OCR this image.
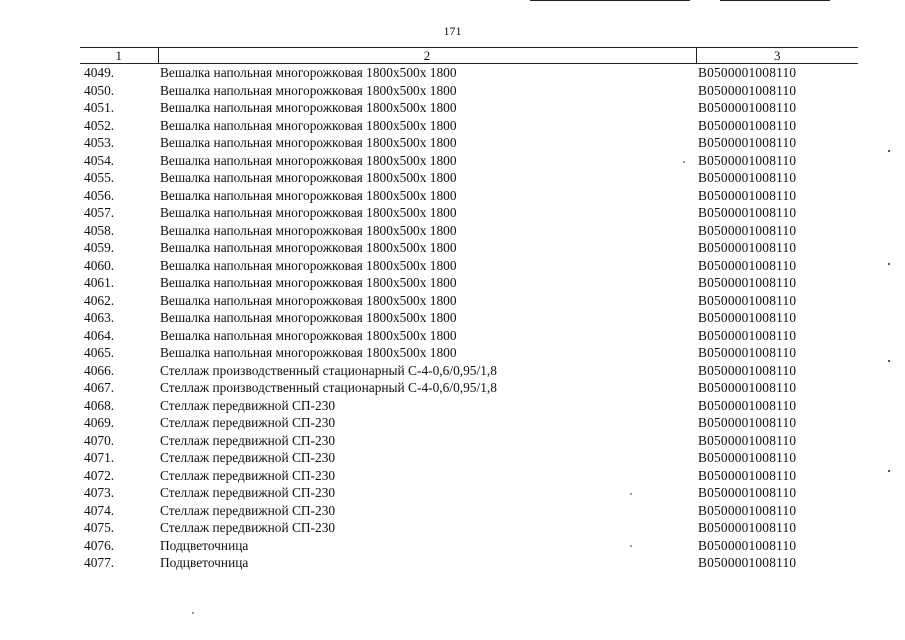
171
1	2	3
4049.	Вешалка напольная многорожковая 1800х500х 1800	B0500001008110
4050.	Вешалка напольная многорожковая 1800х500х 1800	B0500001008110
4051.	Вешалка напольная многорожковая 1800х500х 1800	B0500001008110
4052.	Вешалка напольная многорожковая 1800х500х 1800	B0500001008110
4053.	Вешалка напольная многорожковая 1800х500х 1800	B0500001008110
4054.	Вешалка напольная многорожковая 1800х500х 1800	B0500001008110
4055.	Вешалка напольная многорожковая 1800х500х 1800	B0500001008110
4056.	Вешалка напольная многорожковая 1800х500х 1800	B0500001008110
4057.	Вешалка напольная многорожковая 1800х500х 1800	B0500001008110
4058.	Вешалка напольная многорожковая 1800х500х 1800	B0500001008110
4059.	Вешалка напольная многорожковая 1800х500х 1800	B0500001008110
4060.	Вешалка напольная многорожковая 1800х500х 1800	B0500001008110
4061.	Вешалка напольная многорожковая 1800х500х 1800	B0500001008110
4062.	Вешалка напольная многорожковая 1800х500х 1800	B0500001008110
4063.	Вешалка напольная многорожковая 1800х500х 1800	B0500001008110
4064.	Вешалка напольная многорожковая 1800х500х 1800	B0500001008110
4065.	Вешалка напольная многорожковая 1800х500х 1800	B0500001008110
4066.	Стеллаж производственный стационарный С-4-0,6/0,95/1,8	B0500001008110
4067.	Стеллаж производственный стационарный С-4-0,6/0,95/1,8	B0500001008110
4068.	Стеллаж передвижной СП-230	B0500001008110
4069.	Стеллаж передвижной СП-230	B0500001008110
4070.	Стеллаж передвижной СП-230	B0500001008110
4071.	Стеллаж передвижной СП-230	B0500001008110
4072.	Стеллаж передвижной СП-230	B0500001008110
4073.	Стеллаж передвижной СП-230	B0500001008110
4074.	Стеллаж передвижной СП-230	B0500001008110
4075.	Стеллаж передвижной СП-230	B0500001008110
4076.	Подцветочница	B0500001008110
4077.	Подцветочница	B0500001008110
